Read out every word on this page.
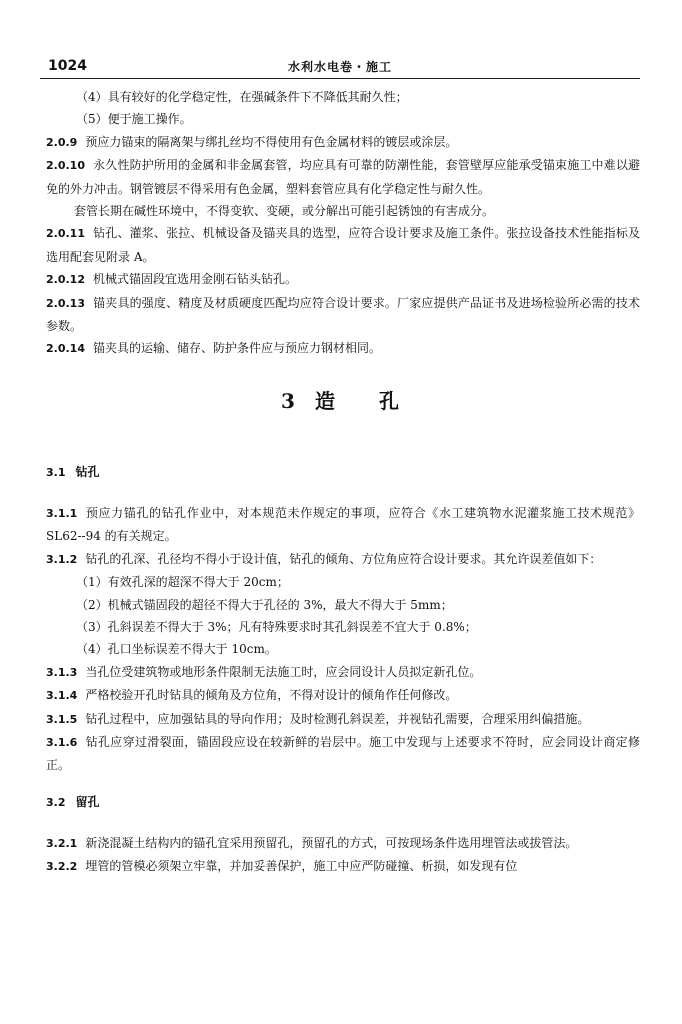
1024	水利水电卷・施工

（4）具有较好的化学稳定性，在强碱条件下不降低其耐久性；

（5）便于施工操作。

2.0.9 预应力锚束的隔离架与绑扎丝均不得使用有色金属材料的镀层或涂层。

2.0.10 永久性防护所用的金属和非金属套管，均应具有可靠的防潮性能，套管壁厚应能承受锚束施工中难以避免的外力冲击。钢管镀层不得采用有色金属，塑料套管应具有化学稳定性与耐久性。

套管长期在碱性环境中，不得变软、变硬，或分解出可能引起锈蚀的有害成分。

2.0.11 钻孔、灌浆、张拉、机械设备及锚夹具的选型，应符合设计要求及施工条件。张拉设备技术性能指标及选用配套见附录 A。

2.0.12 机械式锚固段宜选用金刚石钻头钻孔。

2.0.13 锚夹具的强度、精度及材质硬度匹配均应符合设计要求。厂家应提供产品证书及进场检验所必需的技术参数。

2.0.14 锚夹具的运输、储存、防护条件应与预应力钢材相同。

3 造 孔
3.1 钻孔

3.1.1 预应力锚孔的钻孔作业中，对本规范未作规定的事项，应符合《水工建筑物水泥灌浆施工技术规范》SL62--94 的有关规定。

3.1.2 钻孔的孔深、孔径均不得小于设计值，钻孔的倾角、方位角应符合设计要求。其允许误差值如下：

（1）有效孔深的超深不得大于 20cm；

（2）机械式锚固段的超径不得大于孔径的 3%，最大不得大于 5mm；

（3）孔斜误差不得大于 3%；凡有特殊要求时其孔斜误差不宜大于 0.8%；

（4）孔口坐标误差不得大于 10cm。

3.1.3 当孔位受建筑物或地形条件限制无法施工时，应会同设计人员拟定新孔位。

3.1.4 严格校验开孔时钻具的倾角及方位角，不得对设计的倾角作任何修改。

3.1.5 钻孔过程中，应加强钻具的导向作用；及时检测孔斜误差，并视钻孔需要，合理采用纠偏措施。

3.1.6 钻孔应穿过滑裂面，锚固段应设在较新鲜的岩层中。施工中发现与上述要求不符时，应会同设计商定修正。

3.2 留孔

3.2.1 新浇混凝土结构内的锚孔宜采用预留孔，预留孔的方式，可按现场条件选用埋管法或拔管法。

3.2.2 埋管的管模必须架立牢靠，并加妥善保护，施工中应严防碰撞、析损，如发现有位
